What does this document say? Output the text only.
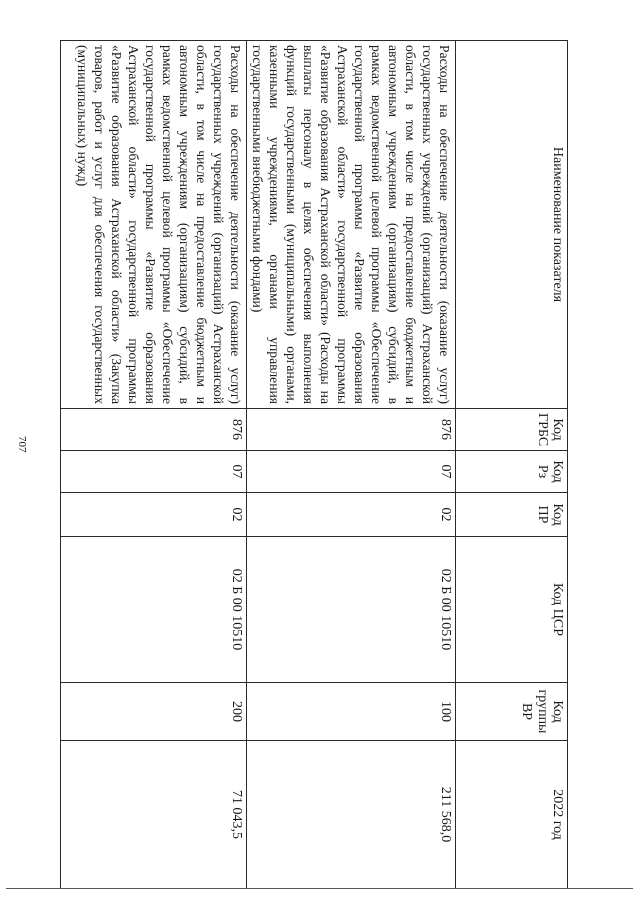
707
Наименование показателя	Код ГРБС	Код Рз	Код ПР	Код ЦСР	Код группы ВР	2022 год
Расходы на обеспечение деятельности (оказание услуг) государственных учреждений (организаций) Астраханской области, в том числе на предоставление бюджетным и автономным учреждениям (организациям) субсидий, в рамках ведомственной целевой программы «Обеспечение государственной программы «Развитие образования Астраханской области» государственной программы «Развитие образования Астраханской области» (Расходы на выплаты персоналу в целях обеспечения выполнения функций государственными (муниципальными) органами, казенными учреждениями, органами управления государственными внебюджетными фондами)	876	07	02	02 Б 00 10510	100	211 568,0
Расходы на обеспечение деятельности (оказание услуг) государственных учреждений (организаций) Астраханской области, в том числе на предоставление бюджетным и автономным учреждениям (организациям) субсидий, в рамках ведомственной целевой программы «Обеспечение государственной программы «Развитие образования Астраханской области» государственной программы «Развитие образования Астраханской области» (Закупка товаров, работ и услуг для обеспечения государственных (муниципальных) нужд)	876	07	02	02 Б 00 10510	200	71 043,5
